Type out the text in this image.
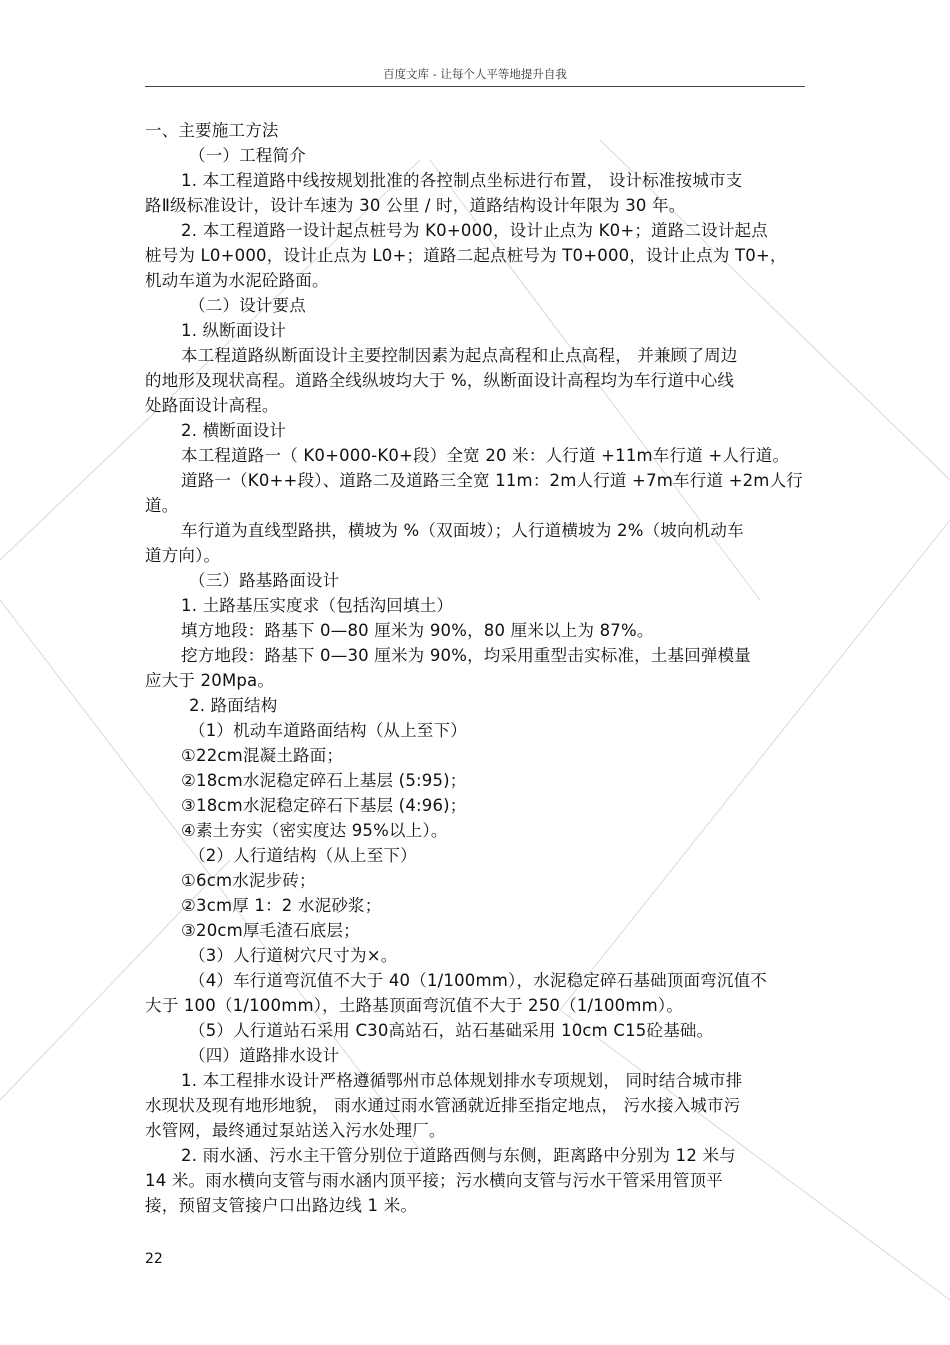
百度文库 - 让每个人平等地提升自我
一、主要施工方法
（一）工程简介
1. 本工程道路中线按规划批准的各控制点坐标进行布置， 设计标准按城市支
路Ⅱ级标准设计，设计车速为 30 公里 / 时，道路结构设计年限为 30 年。
2. 本工程道路一设计起点桩号为 K0+000，设计止点为 K0+；道路二设计起点
桩号为 L0+000，设计止点为 L0+；道路二起点桩号为 T0+000，设计止点为 T0+，
机动车道为水泥砼路面。
（二）设计要点
1. 纵断面设计
本工程道路纵断面设计主要控制因素为起点高程和止点高程， 并兼顾了周边
的地形及现状高程。道路全线纵坡均大于 %，纵断面设计高程均为车行道中心线
处路面设计高程。
2. 横断面设计
本工程道路一（ K0+000-K0+段）全宽 20 米：人行道 +11m车行道 +人行道。
道路一（K0++段）、道路二及道路三全宽 11m：2m人行道 +7m车行道 +2m人行
道。
车行道为直线型路拱，横坡为 %（双面坡）；人行道横坡为 2%（坡向机动车
道方向）。
（三）路基路面设计
1. 土路基压实度求（包括沟回填土）
填方地段：路基下 0—80 厘米为 90%，80 厘米以上为 87%。
挖方地段：路基下 0—30 厘米为 90%，均采用重型击实标准，土基回弹模量
应大于 20Mpa。
2. 路面结构
（1）机动车道路面结构（从上至下）
①22cm混凝土路面；
②18cm水泥稳定碎石上基层 (5:95)；
③18cm水泥稳定碎石下基层 (4:96)；
④素土夯实（密实度达 95%以上）。
（2）人行道结构（从上至下）
①6cm水泥步砖；
②3cm厚 1：2 水泥砂浆；
③20cm厚毛渣石底层；
（3）人行道树穴尺寸为×。
（4）车行道弯沉值不大于 40（1/100mm），水泥稳定碎石基础顶面弯沉值不
大于 100（1/100mm），土路基顶面弯沉值不大于 250（1/100mm）。
（5）人行道站石采用 C30高站石，站石基础采用 10cm C15砼基础。
（四）道路排水设计
1. 本工程排水设计严格遵循鄂州市总体规划排水专项规划， 同时结合城市排
水现状及现有地形地貌， 雨水通过雨水管涵就近排至指定地点， 污水接入城市污
水管网，最终通过泵站送入污水处理厂。
2. 雨水涵、污水主干管分别位于道路西侧与东侧，距离路中分别为 12 米与
14 米。雨水横向支管与雨水涵内顶平接；污水横向支管与污水干管采用管顶平
接，预留支管接户口出路边线 1 米。
22
